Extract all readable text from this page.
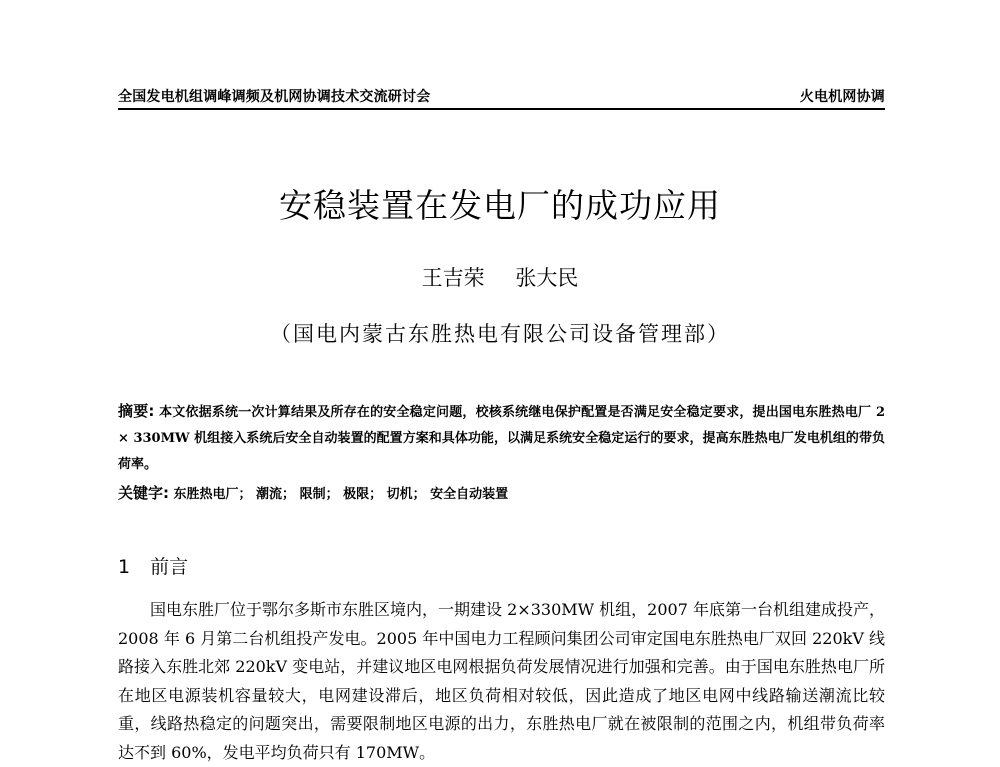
全国发电机组调峰调频及机网协调技术交流研讨会	火电机网协调
安稳装置在发电厂的成功应用
王吉荣 张大民
（国电内蒙古东胜热电有限公司设备管理部）
摘要: 本文依据系统一次计算结果及所存在的安全稳定问题，校核系统继电保护配置是否满足安全稳定要求，提出国电东胜热电厂 2 × 330MW 机组接入系统后安全自动装置的配置方案和具体功能，以满足系统安全稳定运行的要求，提高东胜热电厂发电机组的带负荷率。
关键字: 东胜热电厂； 潮流； 限制； 极限； 切机； 安全自动装置
1 前言
国电东胜厂位于鄂尔多斯市东胜区境内，一期建设 2×330MW 机组，2007 年底第一台机组建成投产，2008 年 6 月第二台机组投产发电。2005 年中国电力工程顾问集团公司审定国电东胜热电厂双回 220kV 线路接入东胜北郊 220kV 变电站，并建议地区电网根据负荷发展情况进行加强和完善。由于国电东胜热电厂所在地区电源装机容量较大，电网建设滞后，地区负荷相对较低，因此造成了地区电网中线路输送潮流比较重，线路热稳定的问题突出，需要限制地区电源的出力，东胜热电厂就在被限制的范围之内，机组带负荷率达不到 60%，发电平均负荷只有 170MW。
